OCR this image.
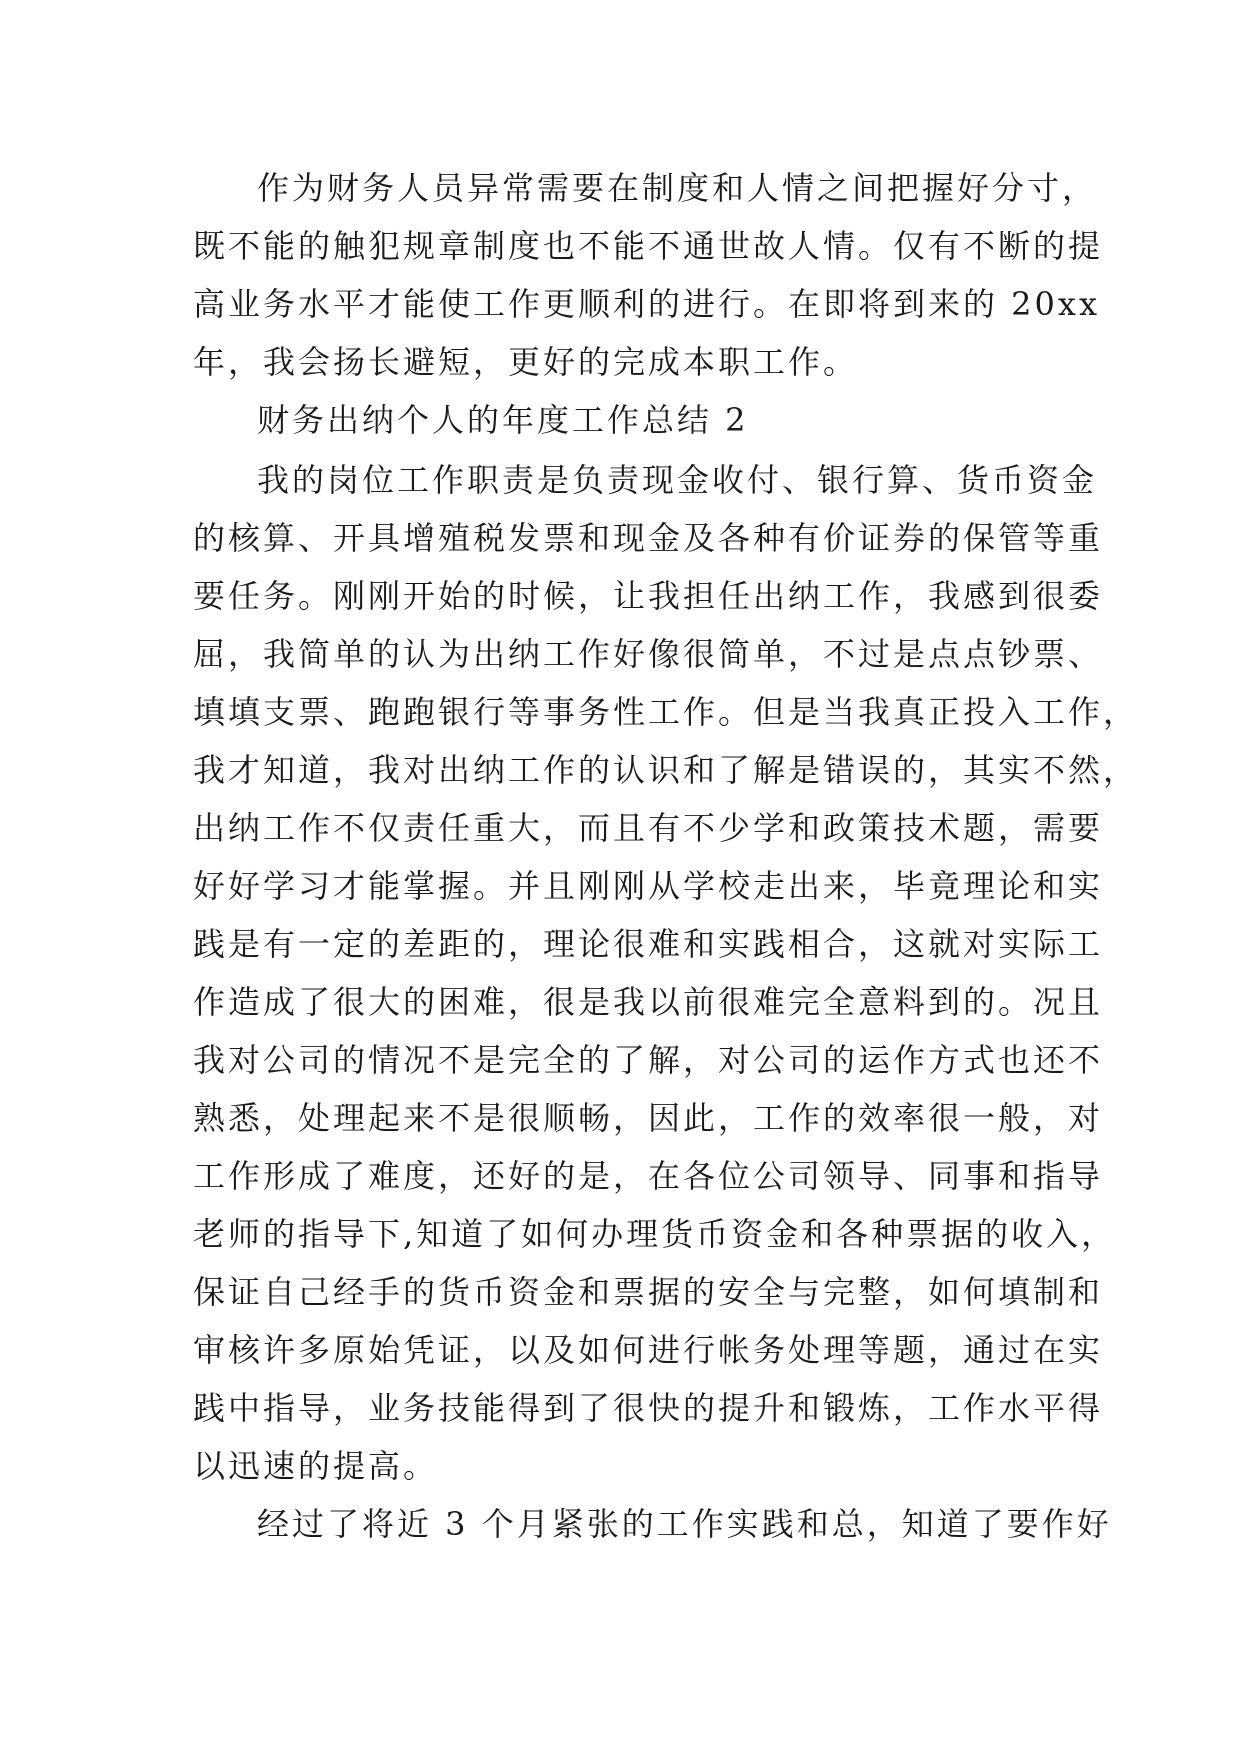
作为财务人员异常需要在制度和人情之间把握好分寸，
既不能的触犯规章制度也不能不通世故人情。仅有不断的提
高业务水平才能使工作更顺利的进行。在即将到来的 20xx
年，我会扬长避短，更好的完成本职工作。
财务出纳个人的年度工作总结 2
我的岗位工作职责是负责现金收付、银行算、货币资金
的核算、开具增殖税发票和现金及各种有价证券的保管等重
要任务。刚刚开始的时候，让我担任出纳工作，我感到很委
屈，我简单的认为出纳工作好像很简单，不过是点点钞票、
填填支票、跑跑银行等事务性工作。但是当我真正投入工作，
我才知道，我对出纳工作的认识和了解是错误的，其实不然，
出纳工作不仅责任重大，而且有不少学和政策技术题，需要
好好学习才能掌握。并且刚刚从学校走出来，毕竟理论和实
践是有一定的差距的，理论很难和实践相合，这就对实际工
作造成了很大的困难，很是我以前很难完全意料到的。况且
我对公司的情况不是完全的了解，对公司的运作方式也还不
熟悉，处理起来不是很顺畅，因此，工作的效率很一般，对
工作形成了难度，还好的是，在各位公司领导、同事和指导
老师的指导下,知道了如何办理货币资金和各种票据的收入，
保证自己经手的货币资金和票据的安全与完整，如何填制和
审核许多原始凭证，以及如何进行帐务处理等题，通过在实
践中指导，业务技能得到了很快的提升和锻炼，工作水平得
以迅速的提高。
经过了将近 3 个月紧张的工作实践和总，知道了要作好
